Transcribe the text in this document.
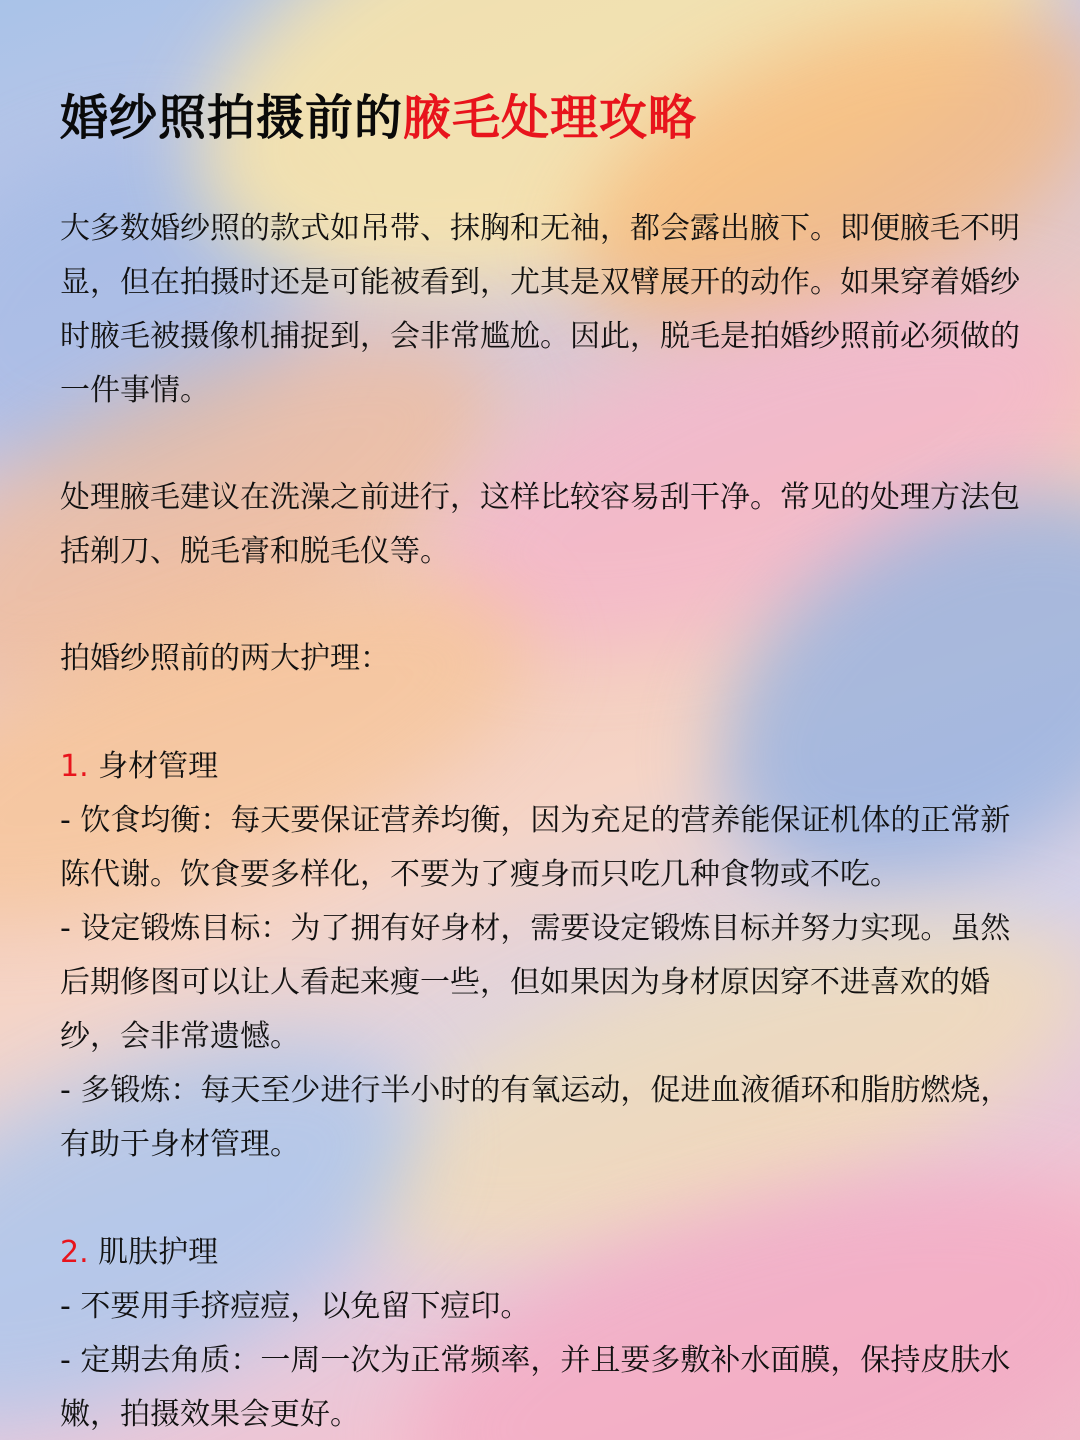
婚纱照拍摄前的腋毛处理攻略

大多数婚纱照的款式如吊带、抹胸和无袖，都会露出腋下。即便腋毛不明显，但在拍摄时还是可能被看到，尤其是双臂展开的动作。如果穿着婚纱时腋毛被摄像机捕捉到，会非常尴尬。因此，脱毛是拍婚纱照前必须做的一件事情。

处理腋毛建议在洗澡之前进行，这样比较容易刮干净。常见的处理方法包括剃刀、脱毛膏和脱毛仪等。

拍婚纱照前的两大护理：

1. 身材管理
- 饮食均衡：每天要保证营养均衡，因为充足的营养能保证机体的正常新陈代谢。饮食要多样化，不要为了瘦身而只吃几种食物或不吃。
- 设定锻炼目标：为了拥有好身材，需要设定锻炼目标并努力实现。虽然后期修图可以让人看起来瘦一些，但如果因为身材原因穿不进喜欢的婚纱，会非常遗憾。
- 多锻炼：每天至少进行半小时的有氧运动，促进血液循环和脂肪燃烧，有助于身材管理。
2. 肌肤护理
- 不要用手挤痘痘，以免留下痘印。
- 定期去角质：一周一次为正常频率，并且要多敷补水面膜，保持皮肤水嫩，拍摄效果会更好。
